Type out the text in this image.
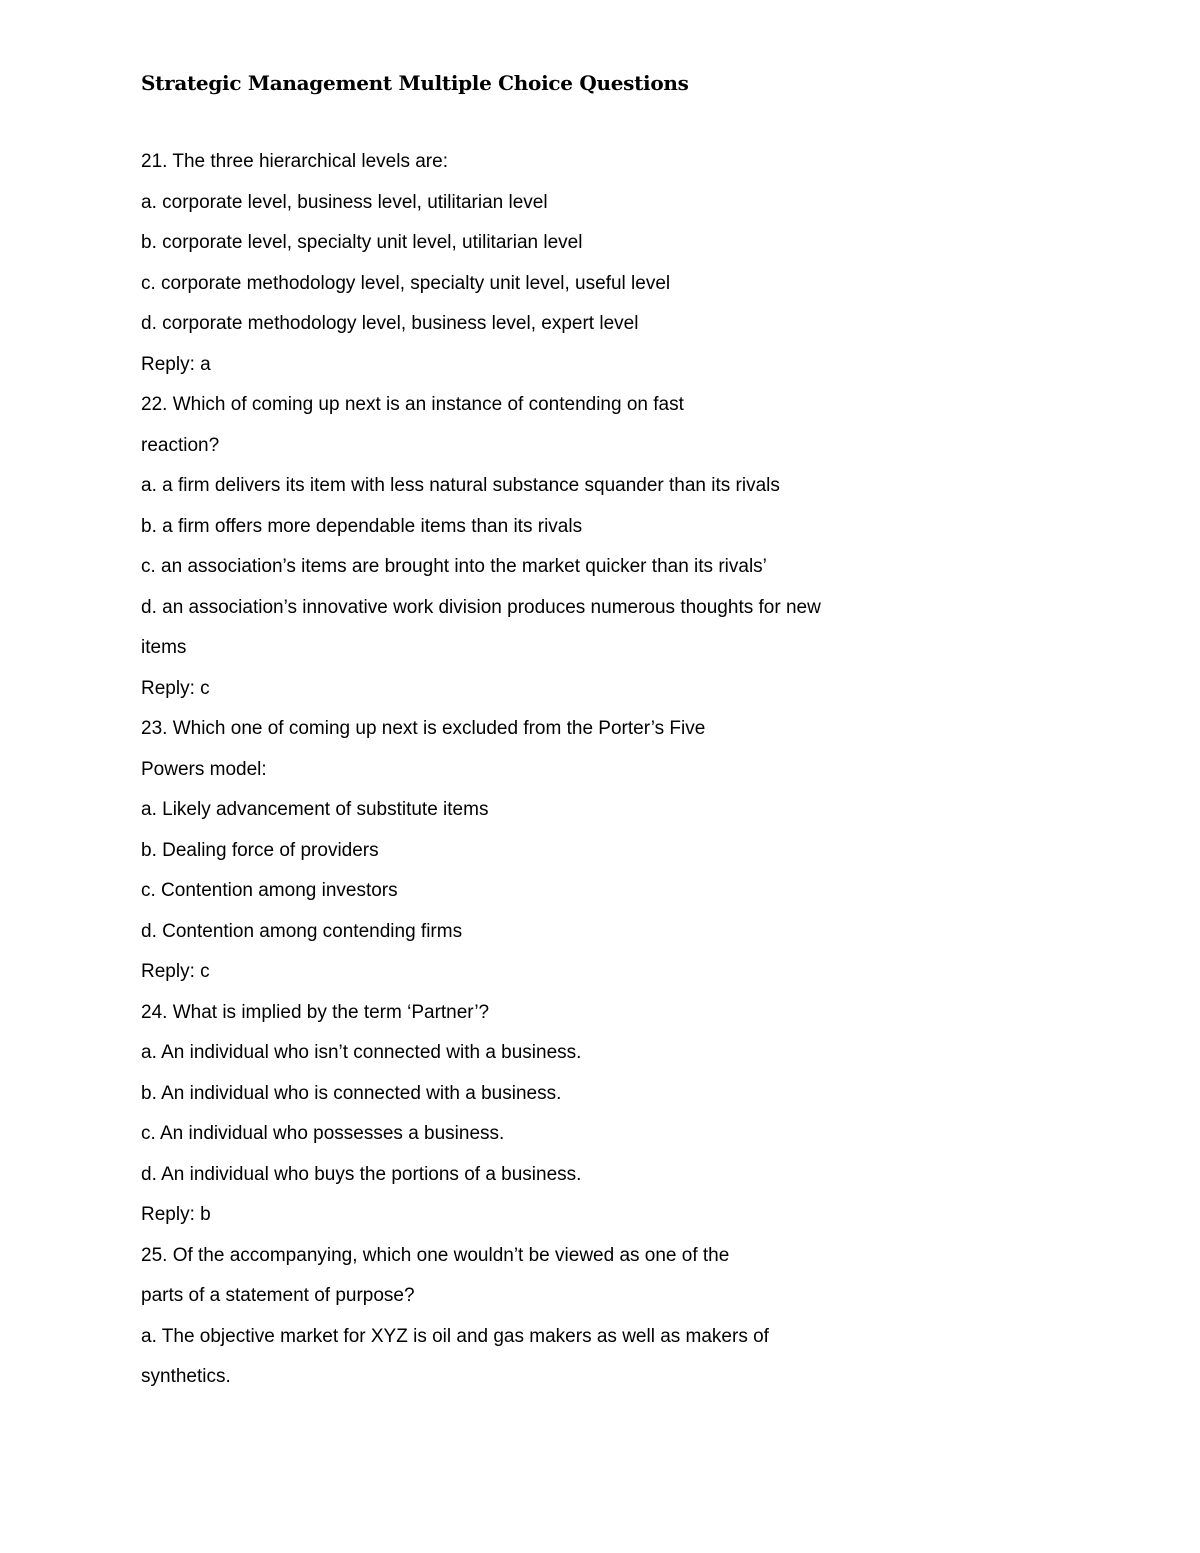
Strategic Management Multiple Choice Questions
21. The three hierarchical levels are:
a. corporate level, business level, utilitarian level
b. corporate level, specialty unit level, utilitarian level
c. corporate methodology level, specialty unit level, useful level
d. corporate methodology level, business level, expert level
Reply: a
22. Which of coming up next is an instance of contending on fast
reaction?
a. a firm delivers its item with less natural substance squander than its rivals
b. a firm offers more dependable items than its rivals
c. an association’s items are brought into the market quicker than its rivals’
d. an association’s innovative work division produces numerous thoughts for new
items
Reply: c
23. Which one of coming up next is excluded from the Porter’s Five
Powers model:
a. Likely advancement of substitute items
b. Dealing force of providers
c. Contention among investors
d. Contention among contending firms
Reply: c
24. What is implied by the term ‘Partner’?
a. An individual who isn’t connected with a business.
b. An individual who is connected with a business.
c. An individual who possesses a business.
d. An individual who buys the portions of a business.
Reply: b
25. Of the accompanying, which one wouldn’t be viewed as one of the
parts of a statement of purpose?
a. The objective market for XYZ is oil and gas makers as well as makers of
synthetics.
